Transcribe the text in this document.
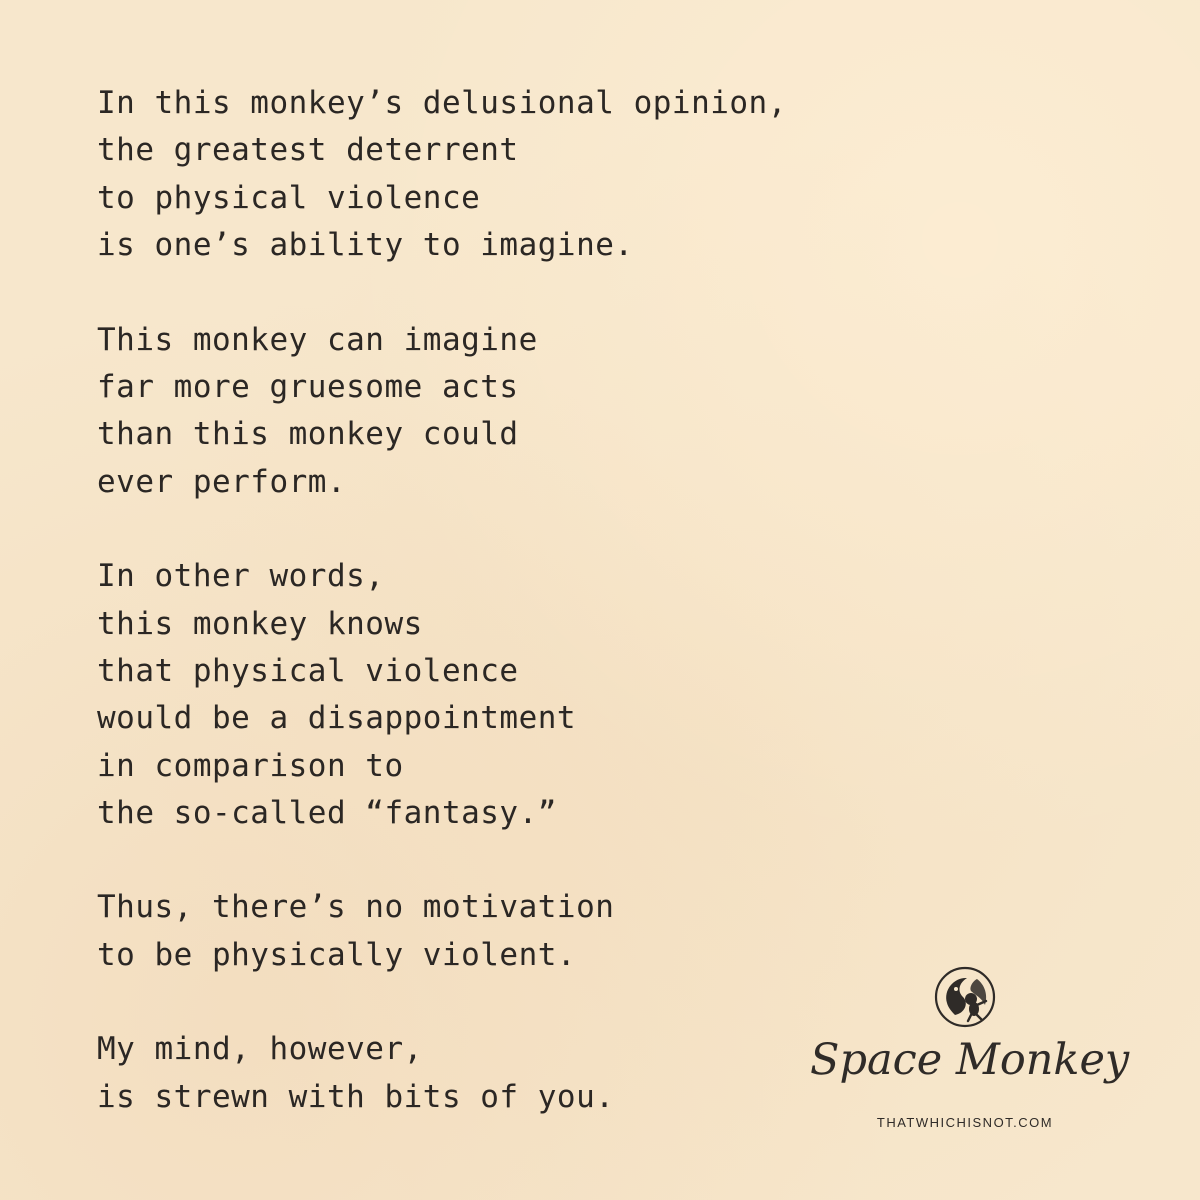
In this monkey’s delusional opinion,
the greatest deterrent
to physical violence
is one’s ability to imagine.
This monkey can imagine
far more gruesome acts
than this monkey could
ever perform.
In other words,
this monkey knows
that physical violence
would be a disappointment
in comparison to
the so-called “fantasy.”
Thus, there’s no motivation
to be physically violent.
My mind, however,
is strewn with bits of you.
Space Monkey
THATWHICHISNOT.COM
